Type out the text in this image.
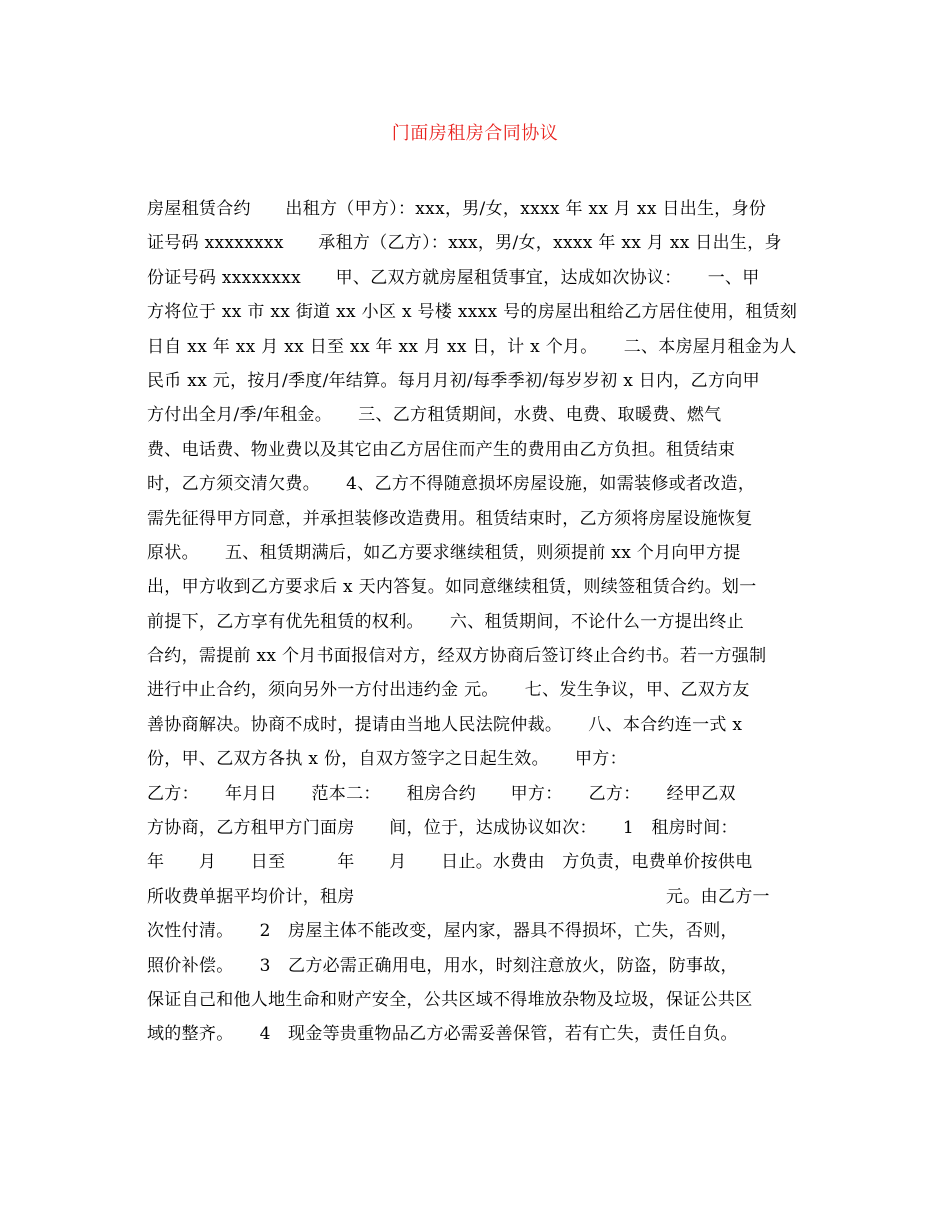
门面房租房合同协议
房屋租赁合约　　出租方（甲方）：xxx，男/女，xxxx 年 xx 月 xx 日出生，身份
证号码 xxxxxxxx　　承租方（乙方）：xxx，男/女，xxxx 年 xx 月 xx 日出生，身
份证号码 xxxxxxxx　　甲、乙双方就房屋租赁事宜，达成如次协议：　　一、甲
方将位于 xx 市 xx 街道 xx 小区 x 号楼 xxxx 号的房屋出租给乙方居住使用，租赁刻
日自 xx 年 xx 月 xx 日至 xx 年 xx 月 xx 日，计 x 个月。　　二、本房屋月租金为人
民币 xx 元，按月/季度/年结算。每月月初/每季季初/每岁岁初 x 日内，乙方向甲
方付出全月/季/年租金。　　三、乙方租赁期间，水费、电费、取暖费、燃气
费、电话费、物业费以及其它由乙方居住而产生的费用由乙方负担。租赁结束
时，乙方须交清欠费。　　4、乙方不得随意损坏房屋设施，如需装修或者改造，
需先征得甲方同意，并承担装修改造费用。租赁结束时，乙方须将房屋设施恢复
原状。　　五、租赁期满后，如乙方要求继续租赁，则须提前 xx 个月向甲方提
出，甲方收到乙方要求后 x 天内答复。如同意继续租赁，则续签租赁合约。划一
前提下，乙方享有优先租赁的权利。　　六、租赁期间，不论什么一方提出终止
合约，需提前 xx 个月书面报信对方，经双方协商后签订终止合约书。若一方强制
进行中止合约，须向另外一方付出违约金 元。　　七、发生争议，甲、乙双方友
善协商解决。协商不成时，提请由当地人民法院仲裁。　　八、本合约连一式 x
份，甲、乙双方各执 x 份，自双方签字之日起生效。　　甲方：
乙方：　　年月日　　范本二：　　租房合约　　甲方：　　乙方：　　经甲乙双
方协商，乙方租甲方门面房　　间，位于，达成协议如次：　　1　租房时间：
年　　月　　日至　　　年　　月　　日止。水费由　方负责，电费单价按供电
所收费单据平均价计，租房　　　　　　　　　　　　　　　　　　元。由乙方一
次性付清。　　2　房屋主体不能改变，屋内家，器具不得损坏，亡失，否则，
照价补偿。　　3　乙方必需正确用电，用水，时刻注意放火，防盗，防事故，
保证自己和他人地生命和财产安全，公共区域不得堆放杂物及垃圾，保证公共区
域的整齐。　　4　现金等贵重物品乙方必需妥善保管，若有亡失，责任自负。
